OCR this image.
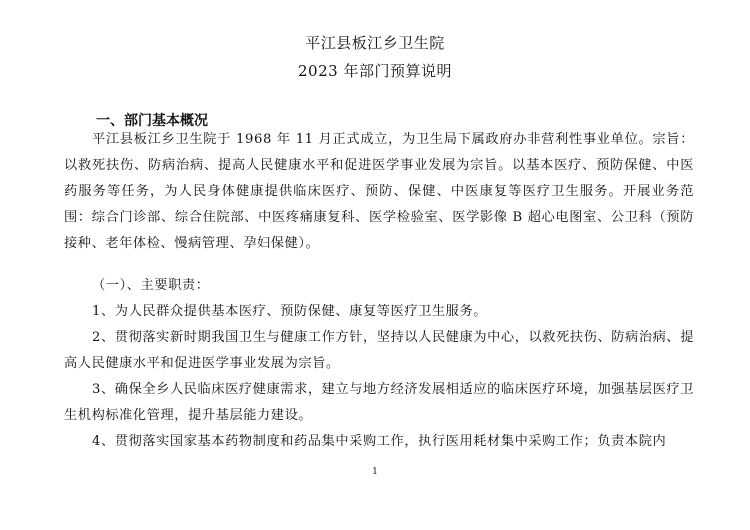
平江县板江乡卫生院
2023 年部门预算说明
一、部门基本概况
平江县板江乡卫生院于 1968 年 11 月正式成立，为卫生局下属政府办非营利性事业单位。宗旨：以救死扶伤、防病治病、提高人民健康水平和促进医学事业发展为宗旨。以基本医疗、预防保健、中医药服务等任务，为人民身体健康提供临床医疗、预防、保健、中医康复等医疗卫生服务。开展业务范围：综合门诊部、综合住院部、中医疼痛康复科、医学检验室、医学影像 B 超心电图室、公卫科（预防接种、老年体检、慢病管理、孕妇保健）。
（一）、主要职责：
1、为人民群众提供基本医疗、预防保健、康复等医疗卫生服务。
2、贯彻落实新时期我国卫生与健康工作方针，坚持以人民健康为中心，以救死扶伤、防病治病、提高人民健康水平和促进医学事业发展为宗旨。
3、确保全乡人民临床医疗健康需求，建立与地方经济发展相适应的临床医疗环境，加强基层医疗卫生机构标准化管理，提升基层能力建设。
4、贯彻落实国家基本药物制度和药品集中采购工作，执行医用耗材集中采购工作；负责本院内
1
